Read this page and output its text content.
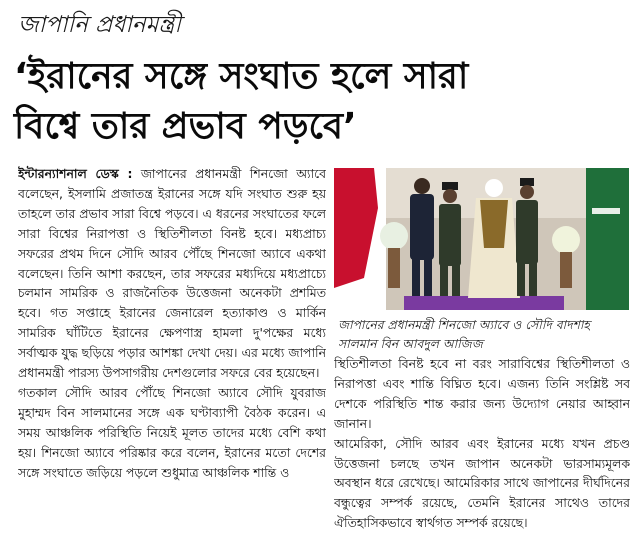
জাপানি প্রধানমন্ত্রী
‘ইরানের সঙ্গে সংঘাত হলে সারা
বিশ্বে তার প্রভাব পড়বে’

ইন্টারন্যাশনাল ডেস্ক : জাপানের প্রধানমন্ত্রী শিনজো অ্যাবে বলেছেন, ইসলামি প্রজাতন্ত্র ইরানের সঙ্গে যদি সংঘাত শুরু হয় তাহলে তার প্রভাব সারা বিশ্বে পড়বে। এ ধরনের সংঘাতের ফলে সারা বিশ্বের নিরাপত্তা ও স্থিতিশীলতা বিনষ্ট হবে। মধ্যপ্রাচ্য সফরের প্রথম দিনে সৌদি আরব পৌঁছে শিনজো অ্যাবে একথা বলেছেন। তিনি আশা করছেন, তার সফরের মধ্যদিয়ে মধ্যপ্রাচ্যে চলমান সামরিক ও রাজনৈতিক উত্তেজনা অনেকটা প্রশমিত হবে। গত সপ্তাহে ইরানের জেনারেল হত্যাকাণ্ড ও মার্কিন সামরিক ঘাঁটিতে ইরানের ক্ষেপণাস্ত্র হামলা দু'পক্ষের মধ্যে সর্বাত্মক যুদ্ধ ছড়িয়ে পড়ার আশঙ্কা দেখা দেয়। এর মধ্যে জাপানি প্রধানমন্ত্রী পারস্য উপসাগরীয় দেশগুলোর সফরে বের হয়েছেন।

গতকাল সৌদি আরব পৌঁছে শিনজো অ্যাবে সৌদি যুবরাজ মুহাম্মদ বিন সালমানের সঙ্গে এক ঘণ্টাব্যাপী বৈঠক করেন। এ সময় আঞ্চলিক পরিস্থিতি নিয়েই মূলত তাদের মধ্যে বেশি কথা হয়। শিনজো অ্যাবে পরিষ্কার করে বলেন, ইরানের মতো দেশের সঙ্গে সংঘাতে জড়িয়ে পড়লে শুধুমাত্র আঞ্চলিক শান্তি ও

জাপানের প্রধানমন্ত্রী শিনজো অ্যাবে ও সৌদি বাদশাহ
সালমান বিন আবদুল আজিজ

স্থিতিশীলতা বিনষ্ট হবে না বরং সারাবিশ্বের স্থিতিশীলতা ও নিরাপত্তা এবং শান্তি বিঘ্নিত হবে। এজন্য তিনি সংশ্লিষ্ট সব দেশকে পরিস্থিতি শান্ত করার জন্য উদ্যোগ নেয়ার আহ্বান জানান।

আমেরিকা, সৌদি আরব এবং ইরানের মধ্যে যখন প্রচণ্ড উত্তেজনা চলছে তখন জাপান অনেকটা ভারসাম্যমূলক অবস্থান ধরে রেখেছে। আমেরিকার সাথে জাপানের দীর্ঘদিনের বন্ধুত্বের সম্পর্ক রয়েছে, তেমনি ইরানের সাথেও তাদের ঐতিহাসিকভাবে স্বার্থগত সম্পর্ক রয়েছে।
